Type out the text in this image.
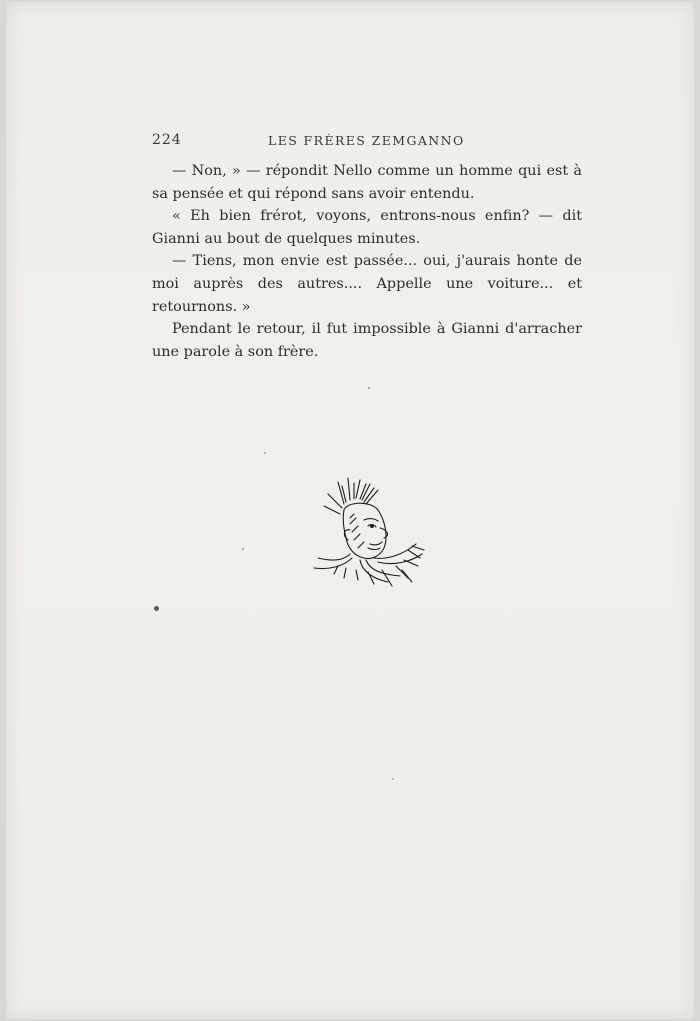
224	LES FRÈRES ZEMGANNO

— Non, » — répondit Nello comme un homme qui est à sa pensée et qui répond sans avoir entendu.

« Eh bien frérot, voyons, entrons-nous enfin? — dit Gianni au bout de quelques minutes.

— Tiens, mon envie est passée... oui, j'aurais honte de moi auprès des autres.... Appelle une voiture... et retournons. »

Pendant le retour, il fut impossible à Gianni d'arracher une parole à son frère.
